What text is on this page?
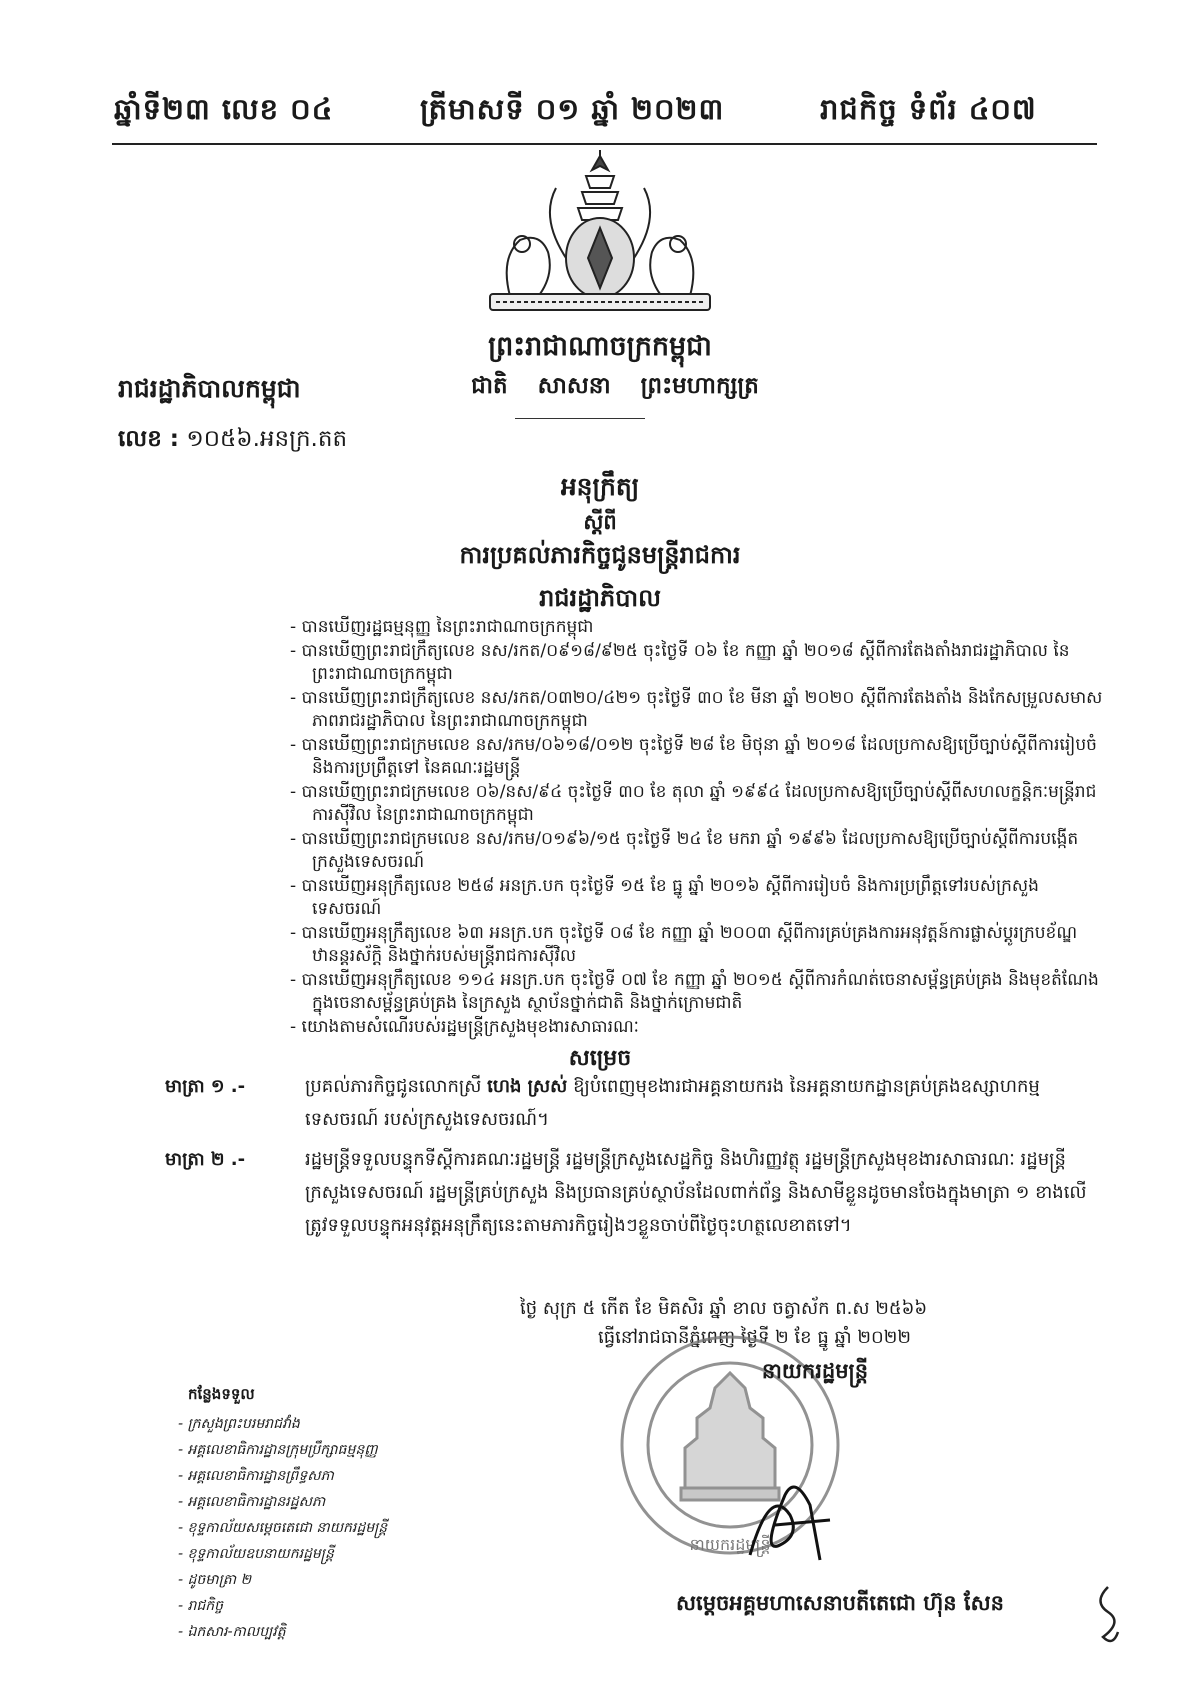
ឆ្នាំទី២៣ លេខ ០៤	ត្រីមាសទី ០១ ឆ្នាំ ២០២៣	រាជកិច្ច ទំព័រ ៤០៧
ព្រះរាជាណាចក្រកម្ពុជា
ជាតិ សាសនា ព្រះមហាក្សត្រ
រាជរដ្ឋាភិបាលកម្ពុជា
លេខ : ១០៥៦.អនក្រ.តត
អនុក្រឹត្យ
ស្តីពី
ការប្រគល់ភារកិច្ចជូនមន្ត្រីរាជការ
រាជរដ្ឋាភិបាល
- បានឃើញរដ្ឋធម្មនុញ្ញ នៃព្រះរាជាណាចក្រកម្ពុជា
- បានឃើញព្រះរាជក្រឹត្យលេខ នស/រកត/០៩១៨/៩២៥ ចុះថ្ងៃទី ០៦ ខែ កញ្ញា ឆ្នាំ ២០១៨ ស្តីពីការតែងតាំងរាជរដ្ឋាភិបាល នៃព្រះរាជាណាចក្រកម្ពុជា
- បានឃើញព្រះរាជក្រឹត្យលេខ នស/រកត/០៣២០/៤២១ ចុះថ្ងៃទី ៣០ ខែ មីនា ឆ្នាំ ២០២០ ស្តីពីការតែងតាំង និងកែសម្រួលសមាសភាពរាជរដ្ឋាភិបាល នៃព្រះរាជាណាចក្រកម្ពុជា
- បានឃើញព្រះរាជក្រមលេខ នស/រកម/០៦១៨/០១២ ចុះថ្ងៃទី ២៨ ខែ មិថុនា ឆ្នាំ ២០១៨ ដែលប្រកាសឱ្យប្រើច្បាប់ស្តីពីការរៀបចំ និងការប្រព្រឹត្តទៅ នៃគណៈរដ្ឋមន្ត្រី
- បានឃើញព្រះរាជក្រមលេខ ០៦/នស/៩៤ ចុះថ្ងៃទី ៣០ ខែ តុលា ឆ្នាំ ១៩៩៤ ដែលប្រកាសឱ្យប្រើច្បាប់ស្តីពីសហលក្ខន្តិកៈមន្ត្រីរាជការស៊ីវិល នៃព្រះរាជាណាចក្រកម្ពុជា
- បានឃើញព្រះរាជក្រមលេខ នស/រកម/០១៩៦/១៥ ចុះថ្ងៃទី ២៤ ខែ មករា ឆ្នាំ ១៩៩៦ ដែលប្រកាសឱ្យប្រើច្បាប់ស្តីពីការបង្កើតក្រសួងទេសចរណ៍
- បានឃើញអនុក្រឹត្យលេខ ២៥៨ អនក្រ.បក ចុះថ្ងៃទី ១៥ ខែ ធ្នូ ឆ្នាំ ២០១៦ ស្តីពីការរៀបចំ និងការប្រព្រឹត្តទៅរបស់ក្រសួងទេសចរណ៍
- បានឃើញអនុក្រឹត្យលេខ ៦៣ អនក្រ.បក ចុះថ្ងៃទី ០៨ ខែ កញ្ញា ឆ្នាំ ២០០៣ ស្តីពីការគ្រប់គ្រងការអនុវត្តន៍ការផ្លាស់ប្តូរក្របខ័ណ្ឌ ឋានន្តរស័ក្តិ និងថ្នាក់របស់មន្ត្រីរាជការស៊ីវិល
- បានឃើញអនុក្រឹត្យលេខ ១១៤ អនក្រ.បក ចុះថ្ងៃទី ០៧ ខែ កញ្ញា ឆ្នាំ ២០១៥ ស្តីពីការកំណត់ចេនាសម្ព័ន្ធគ្រប់គ្រង និងមុខតំណែងក្នុងចេនាសម្ព័ន្ធគ្រប់គ្រង នៃក្រសួង ស្ថាប័នថ្នាក់ជាតិ និងថ្នាក់ក្រោមជាតិ
- យោងតាមសំណើរបស់រដ្ឋមន្ត្រីក្រសួងមុខងារសាធារណៈ
សម្រេច
មាត្រា ១ .-	ប្រគល់ភារកិច្ចជូនលោកស្រី ហេង ស្រស់ ឱ្យបំពេញមុខងារជាអគ្គនាយករង នៃអគ្គនាយកដ្ឋានគ្រប់គ្រងឧស្សាហកម្មទេសចរណ៍ របស់ក្រសួងទេសចរណ៍។
មាត្រា ២ .-	រដ្ឋមន្ត្រីទទួលបន្ទុកទីស្តីការគណៈរដ្ឋមន្ត្រី រដ្ឋមន្ត្រីក្រសួងសេដ្ឋកិច្ច និងហិរញ្ញវត្ថុ រដ្ឋមន្ត្រីក្រសួងមុខងារសាធារណៈ រដ្ឋមន្ត្រីក្រសួងទេសចរណ៍ រដ្ឋមន្ត្រីគ្រប់ក្រសួង និងប្រធានគ្រប់ស្ថាប័នដែលពាក់ព័ន្ធ និងសាមីខ្លួនដូចមានចែងក្នុងមាត្រា ១ ខាងលើ ត្រូវទទួលបន្ទុកអនុវត្តអនុក្រឹត្យនេះតាមភារកិច្ចរៀងៗខ្លួនចាប់ពីថ្ងៃចុះហត្ថលេខាតទៅ។
ថ្ងៃ សុក្រ ៥ កើត ខែ មិគសិរ ឆ្នាំ ខាល ចត្វាស័ក ព.ស ២៥៦៦
ធ្វើនៅរាជធានីភ្នំពេញ ថ្ងៃទី ២ ខែ ធ្នូ ឆ្នាំ ២០២២
នាយករដ្ឋមន្ត្រី
នាយករដ្ឋមន្ត្រី
កន្លែងទទួល
- ក្រសួងព្រះបរមរាជវាំង
- អគ្គលេខាធិការដ្ឋានក្រុមប្រឹក្សាធម្មនុញ្ញ
- អគ្គលេខាធិការដ្ឋានព្រឹទ្ធសភា
- អគ្គលេខាធិការដ្ឋានរដ្ឋសភា
- ខុទ្ទកាល័យសម្តេចតេជោ នាយករដ្ឋមន្ត្រី
- ខុទ្ទកាល័យឧបនាយករដ្ឋមន្ត្រី
- ដូចមាត្រា ២
- រាជកិច្ច
- ឯកសារ-កាលប្បវត្តិ
សម្តេចអគ្គមហាសេនាបតីតេជោ ហ៊ុន សែន
